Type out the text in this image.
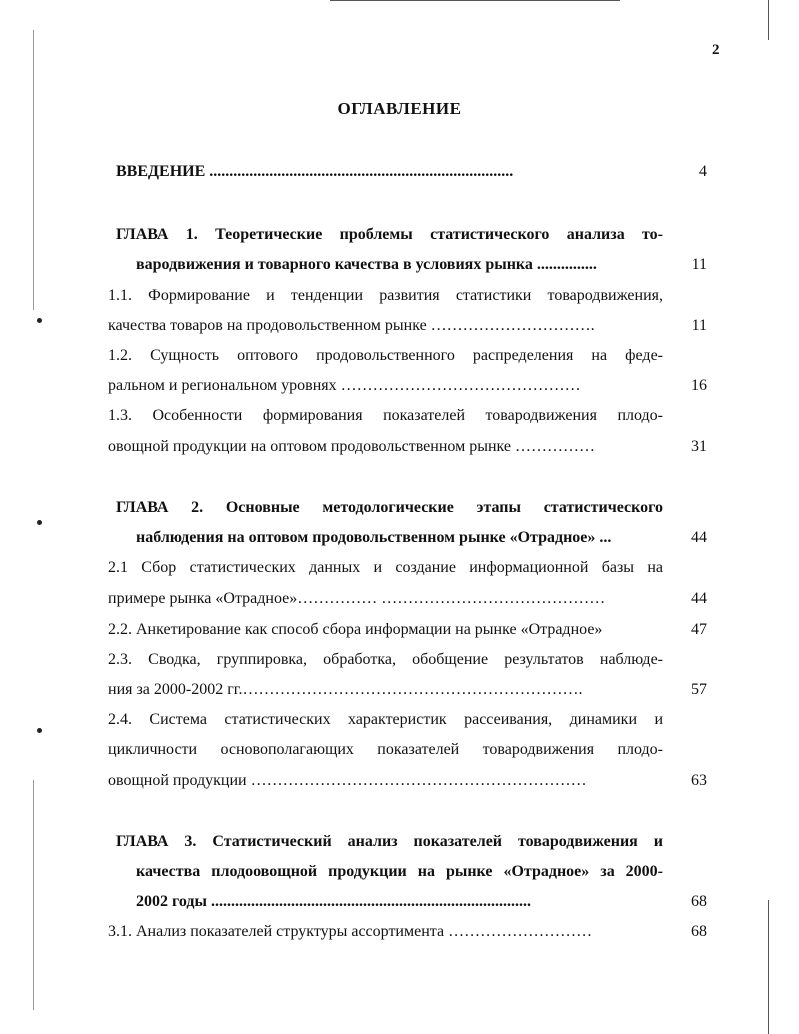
2
ОГЛАВЛЕНИЕ
ВВЕДЕНИЕ ............................................................................	4
ГЛАВА 1. Теоретические проблемы статистического анализа то-
вародвижения и товарного качества в условиях рынка ...............	11
1.1. Формирование и тенденции развития статистики товародвижения,
качества товаров на продовольственном рынке ………………………….	11
1.2. Сущность оптового продовольственного распределения на феде-
ральном и региональном уровнях ………………………………………	16
1.3. Особенности формирования показателей товародвижения плодо-
овощной продукции на оптовом продовольственном рынке ……………	31
ГЛАВА 2. Основные методологические этапы статистического
наблюдения на оптовом продовольственном рынке «Отрадное» ...	44
2.1 Сбор статистических данных и создание информационной базы на
примере рынка «Отрадное»…………… ……………………………………	44
2.2. Анкетирование как способ сбора информации на рынке «Отрадное»	47
2.3. Сводка, группировка, обработка, обобщение результатов наблюде-
ния за 2000-2002 гг.……………………………………………………….	57
2.4. Система статистических характеристик рассеивания, динамики и
цикличности основополагающих показателей товародвижения плодо-
овощной продукции ………………………………………………………	63
ГЛАВА 3. Статистический анализ показателей товародвижения и
качества плодоовощной продукции на рынке «Отрадное» за 2000-
2002 годы ................................................................................	68
3.1. Анализ показателей структуры ассортимента ………………………	68
